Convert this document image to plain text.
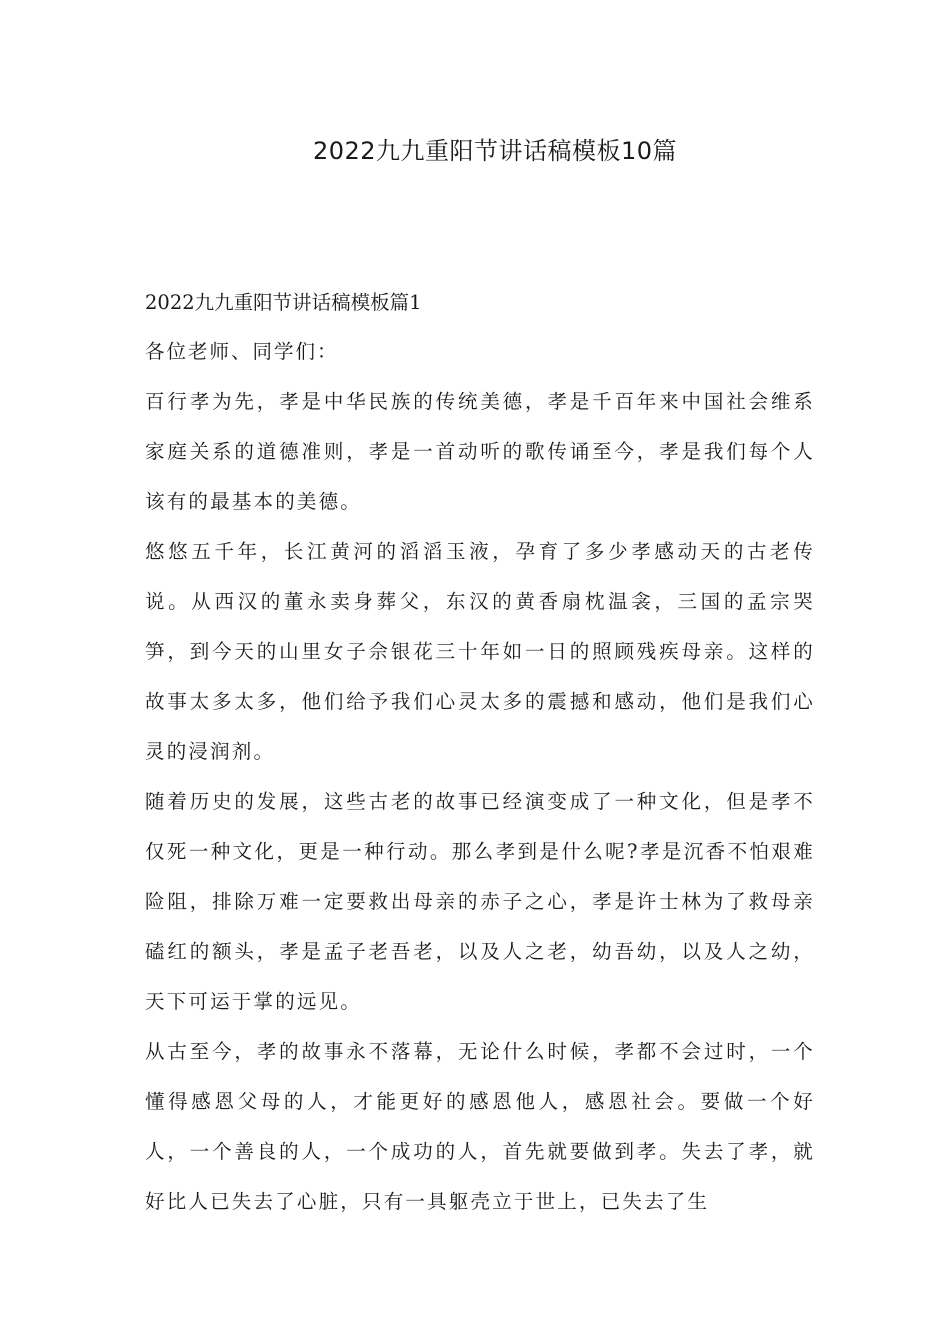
2022九九重阳节讲话稿模板10篇
2022九九重阳节讲话稿模板篇1
各位老师、同学们：

百行孝为先，孝是中华民族的传统美德，孝是千百年来中国社会维系家庭关系的道德准则，孝是一首动听的歌传诵至今，孝是我们每个人该有的最基本的美德。

悠悠五千年，长江黄河的滔滔玉液，孕育了多少孝感动天的古老传说。从西汉的董永卖身葬父，东汉的黄香扇枕温衾，三国的孟宗哭笋，到今天的山里女子佘银花三十年如一日的照顾残疾母亲。这样的故事太多太多，他们给予我们心灵太多的震撼和感动，他们是我们心灵的浸润剂。

随着历史的发展，这些古老的故事已经演变成了一种文化，但是孝不仅死一种文化，更是一种行动。那么孝到是什么呢?孝是沉香不怕艰难险阻，排除万难一定要救出母亲的赤子之心，孝是许士林为了救母亲磕红的额头，孝是孟子老吾老，以及人之老，幼吾幼，以及人之幼，天下可运于掌的远见。

从古至今，孝的故事永不落幕，无论什么时候，孝都不会过时，一个懂得感恩父母的人，才能更好的感恩他人，感恩社会。要做一个好人，一个善良的人，一个成功的人，首先就要做到孝。失去了孝，就好比人已失去了心脏，只有一具躯壳立于世上，已失去了生
